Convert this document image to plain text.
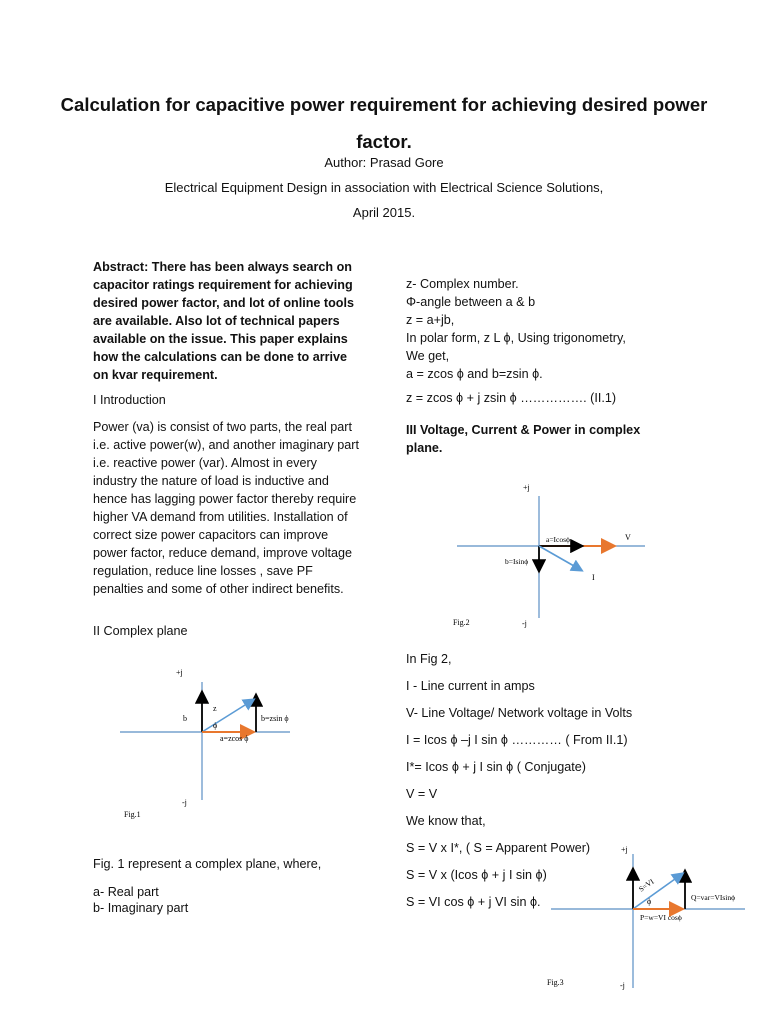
Calculation for capacitive power requirement for achieving desired power factor.
Author: Prasad Gore
Electrical Equipment Design in association with Electrical Science Solutions,
April 2015.
Abstract: There has been always search on capacitor ratings requirement for achieving desired power factor, and lot of online tools are available. Also lot of technical papers available on the issue. This paper explains how the calculations can be done to arrive on kvar requirement.
I Introduction
Power (va) is consist of two parts, the real part i.e. active power(w), and another imaginary part i.e. reactive power (var). Almost in every industry the nature of load is inductive and hence has lagging power factor thereby require higher VA demand from utilities. Installation of correct size power capacitors can improve power factor, reduce demand, improve voltage regulation, reduce line losses , save PF penalties and some of other indirect benefits.
II Complex plane
+j
-j
b
z
ϕ
b=zsin ϕ
a=zcos ϕ
Fig.1
Fig. 1 represent a complex plane, where,
a- Real part
b- Imaginary part
z- Complex number.
Φ-angle between a & b
z = a+jb,
In polar form, z L ϕ, Using trigonometry,
We get,
a = zcos ϕ and b=zsin ϕ.
z = zcos ϕ + j zsin ϕ ……………. (II.1)
III Voltage, Current & Power in complex plane.
+j
-j
a=Icosϕ	V
b=Isinϕ
I
Fig.2
In Fig 2,
I - Line current in amps
V- Line Voltage/ Network voltage in Volts
I = Icos ϕ –j I sin ϕ ………… ( From II.1)
I*= Icos ϕ + j I sin ϕ ( Conjugate)
V = V
We know that,
S = V x I*, ( S = Apparent Power)
S = V x (Icos ϕ + j I sin ϕ)
S = VI cos ϕ + j VI sin ϕ.
+j
-j
S=VI
ϕ	Q=var=VIsinϕ
P=w=VI cosϕ
Fig.3
